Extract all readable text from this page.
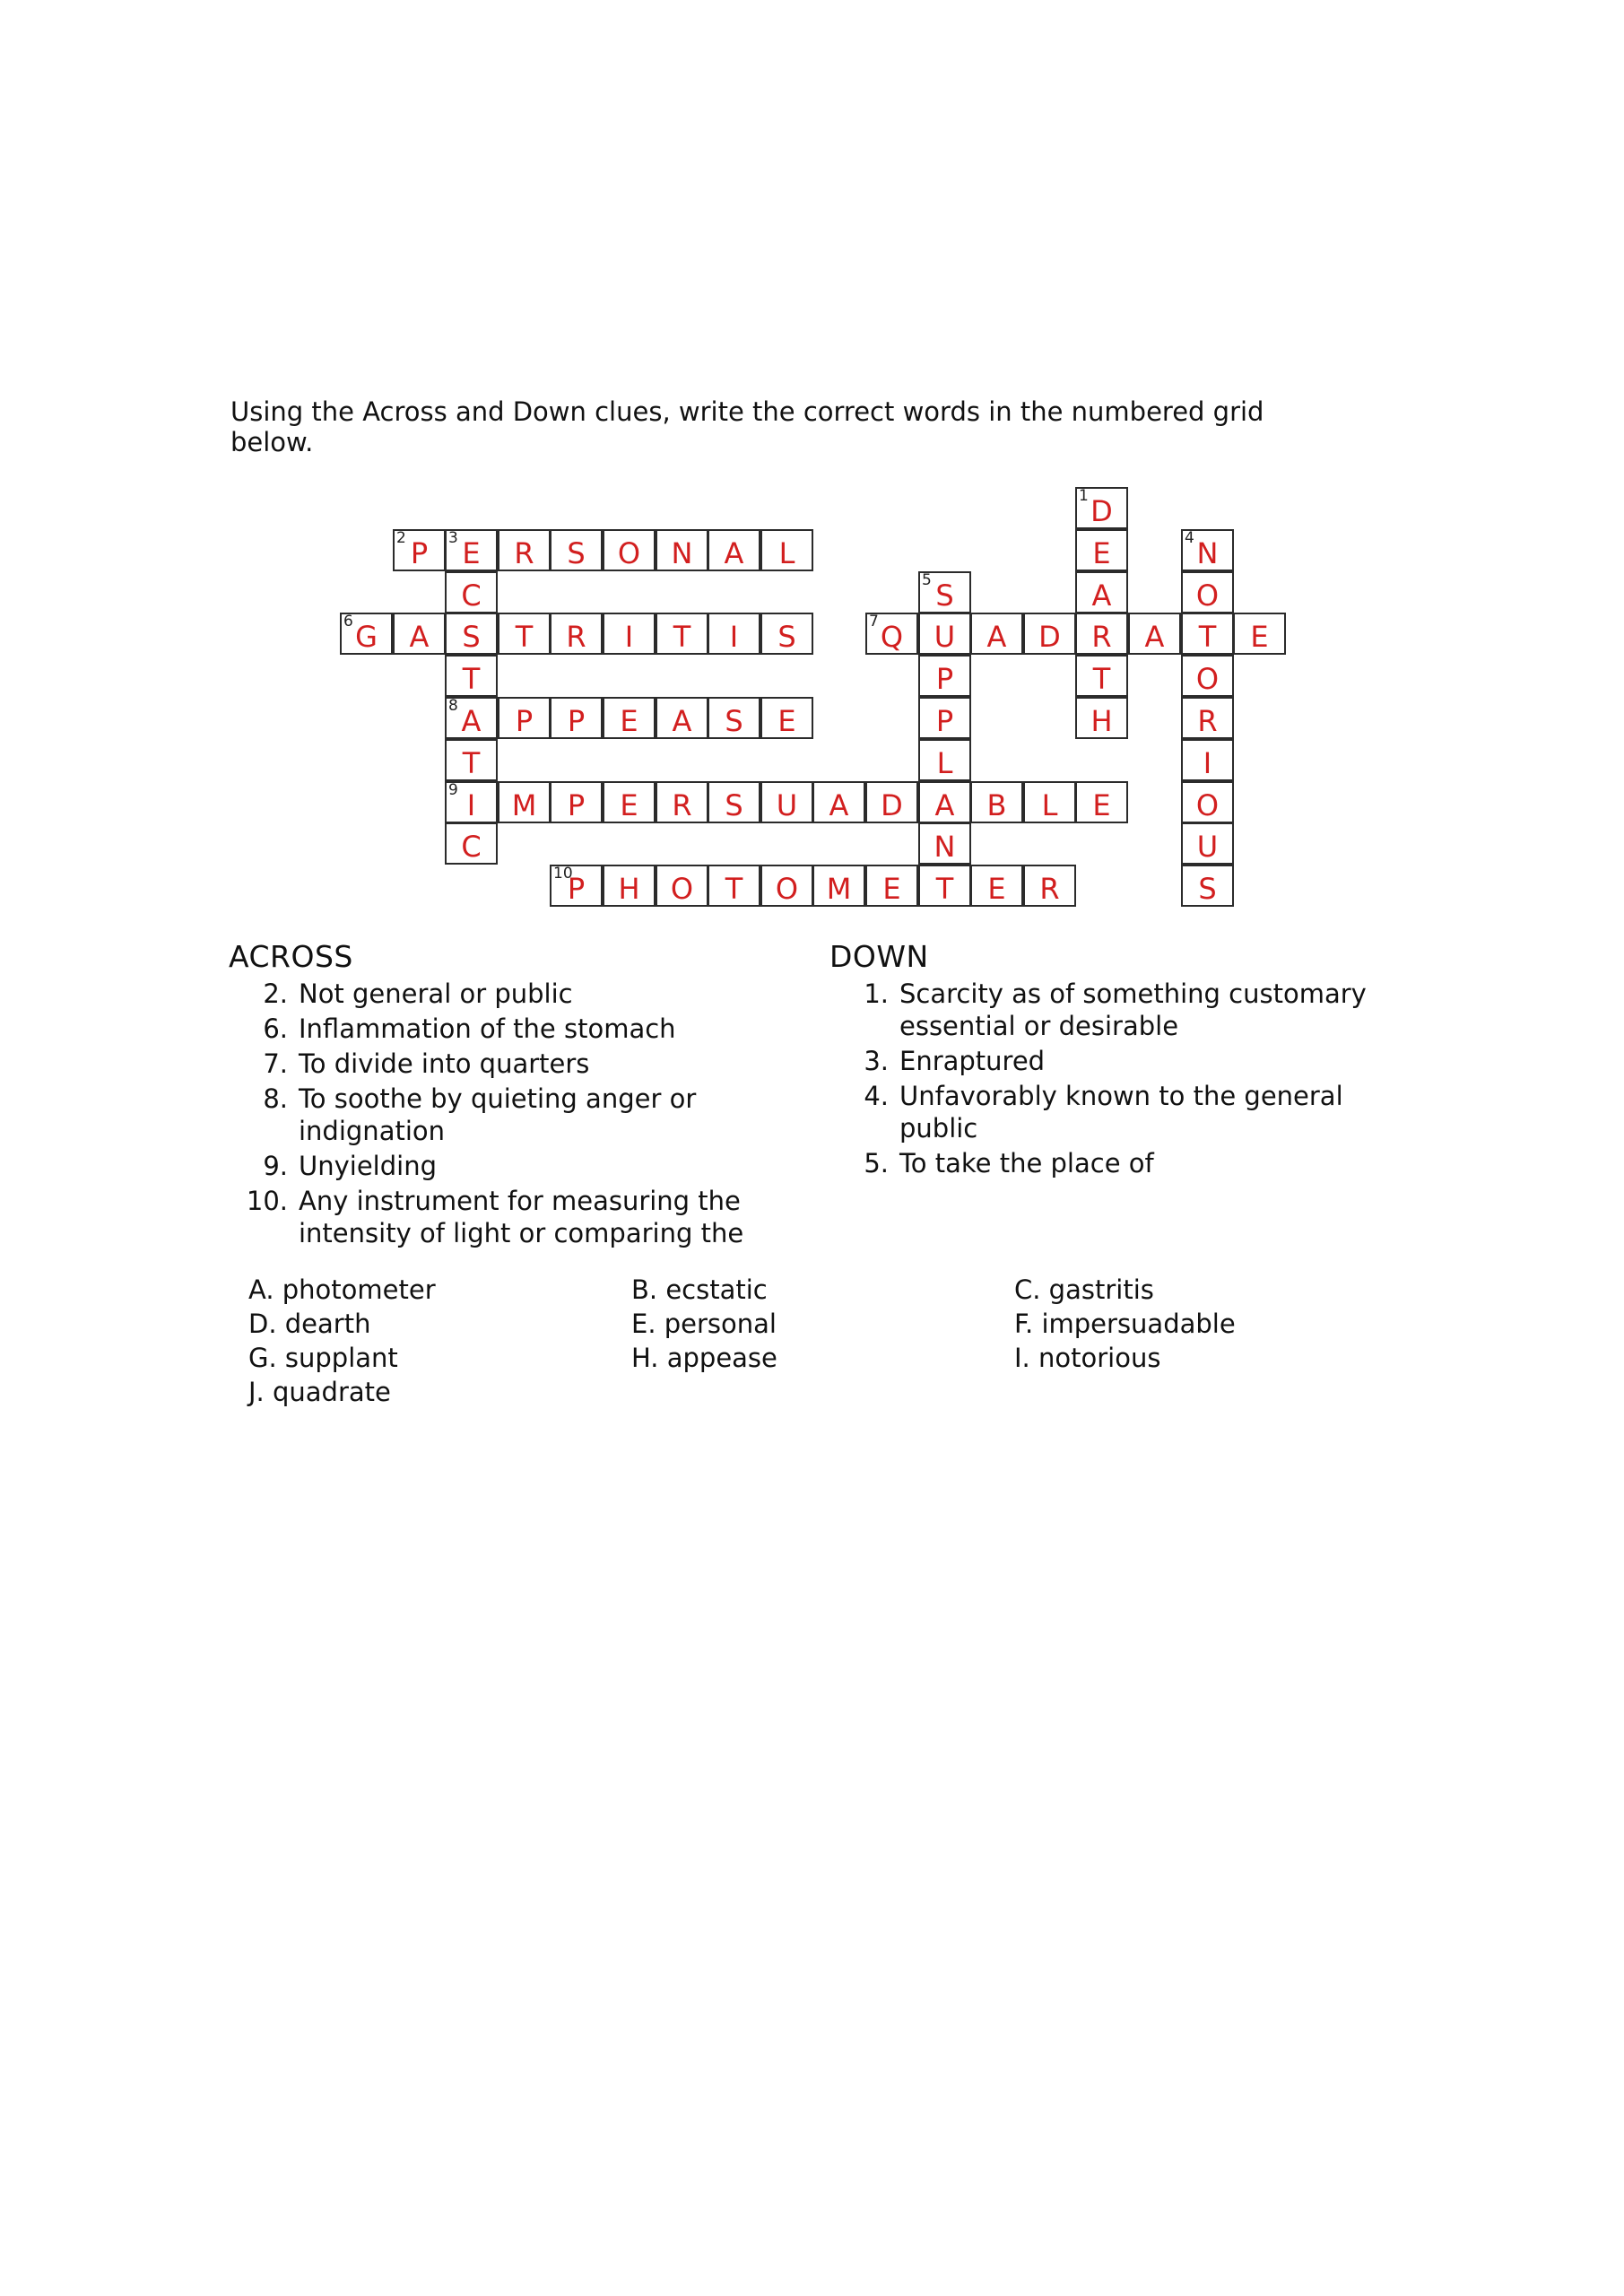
Using the Across and Down clues, write the correct words in the numbered grid below.
1 D
2 P	3 E	R	S	O	N	A	L	E	4 N
C	5 S	A	O
6 G	A	S	T	R	I	T	I	S	7 Q	U	A	D	R	A	T	E
T	P	T	O
8 A	P	P	E	A	S	E	P	H	R
T	L	I
9 I	M	P	E	R	S	U	A	D	A	B	L	E	O
C	N	U
10
P	H	O	T	O M	E	T	E	R	S
ACROSS
2. Not general or public
6. Inflammation of the stomach
7. To divide into quarters
8. To soothe by quieting anger or indignation
9. Unyielding
10. Any instrument for measuring the intensity of light or comparing the
DOWN
1. Scarcity as of something customary essential or desirable
3. Enraptured
4. Unfavorably known to the general public
5. To take the place of
A. photometer	B. ecstatic	C. gastritis
D. dearth	E. personal	F. impersuadable
G. supplant	H. appease	I. notorious
J. quadrate
